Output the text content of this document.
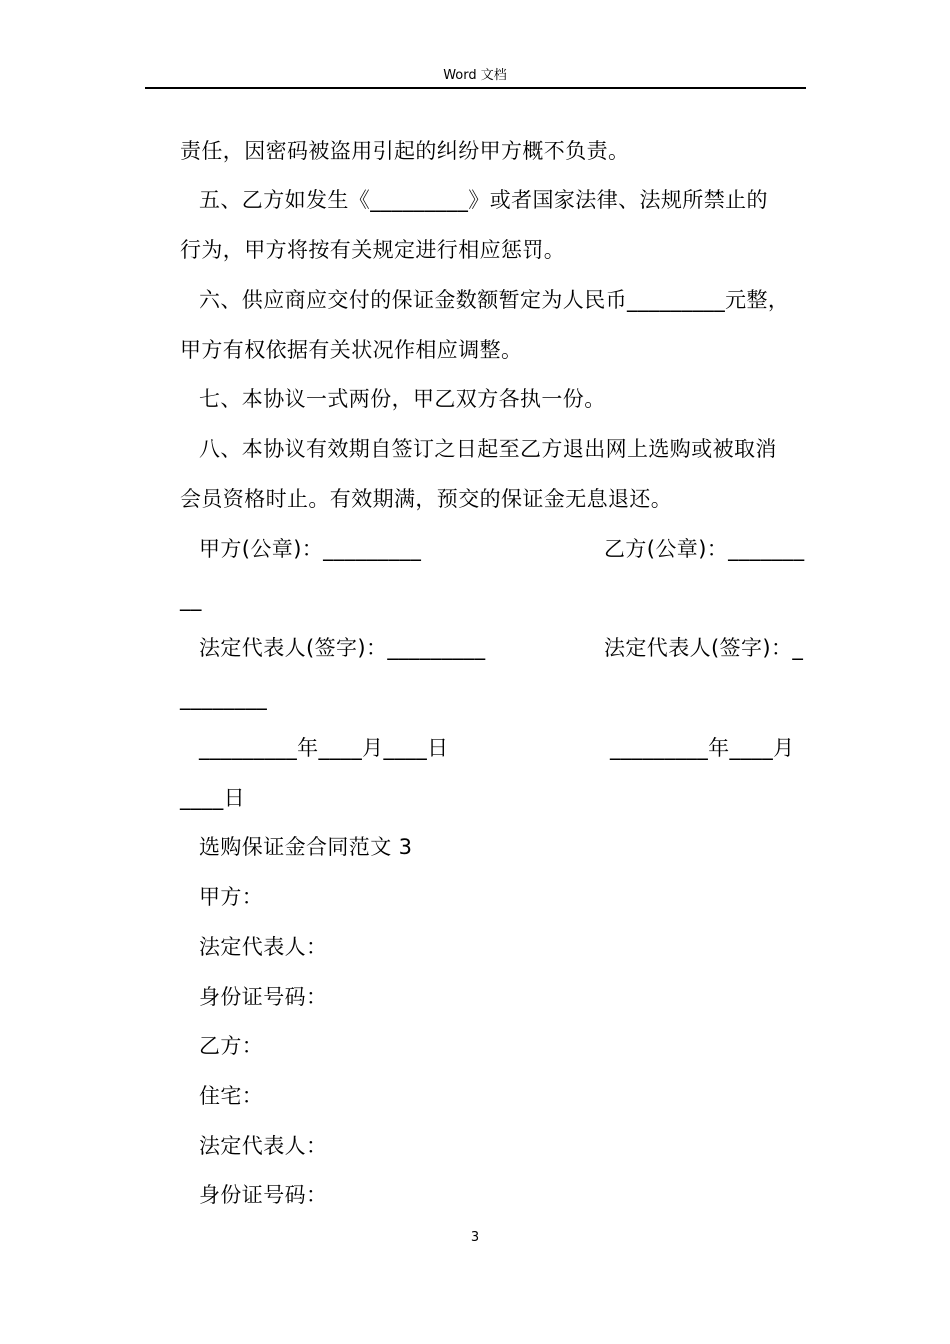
Word 文档
责任，因密码被盗用引起的纠纷甲方概不负责。
五、乙方如发生《_________》或者国家法律、法规所禁止的
行为，甲方将按有关规定进行相应惩罚。
六、供应商应交付的保证金数额暂定为人民币_________元整，
甲方有权依据有关状况作相应调整。
七、本协议一式两份，甲乙双方各执一份。
八、本协议有效期自签订之日起至乙方退出网上选购或被取消
会员资格时止。有效期满，预交的保证金无息退还。
甲方(公章)：_________	乙方(公章)：_______
__
法定代表人(签字)：_________	法定代表人(签字)：_
________
_________年____月____日	_________年____月
____日
选购保证金合同范文 3
甲方：
法定代表人：
身份证号码：
乙方：
住宅：
法定代表人：
身份证号码：
3
